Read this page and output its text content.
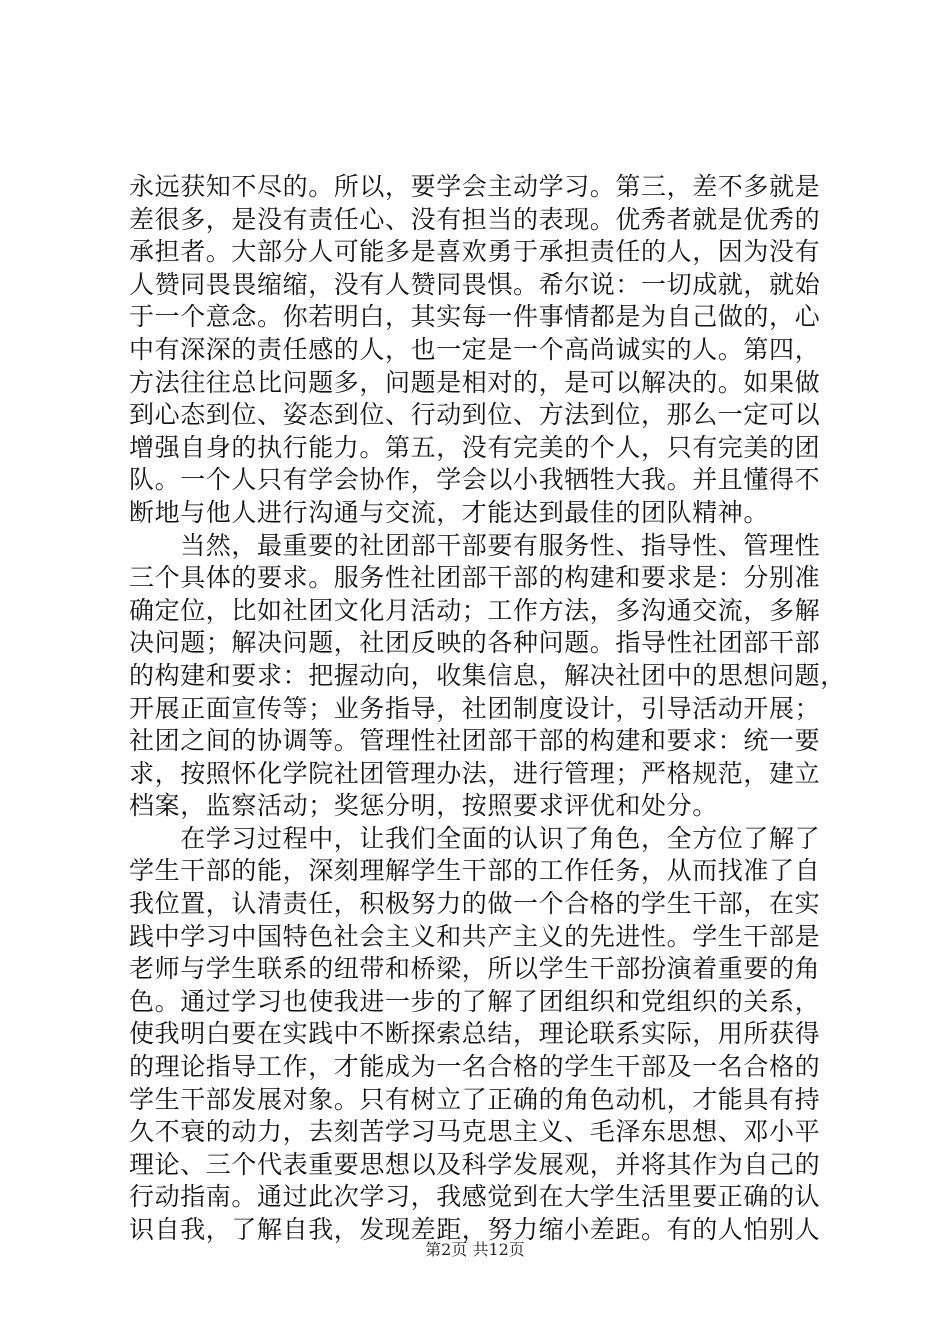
永远获知不尽的。所以，要学会主动学习。第三，差不多就是
差很多，是没有责任心、没有担当的表现。优秀者就是优秀的
承担者。大部分人可能多是喜欢勇于承担责任的人，因为没有
人赞同畏畏缩缩，没有人赞同畏惧。希尔说：一切成就，就始
于一个意念。你若明白，其实每一件事情都是为自己做的，心
中有深深的责任感的人，也一定是一个高尚诚实的人。第四，
方法往往总比问题多，问题是相对的，是可以解决的。如果做
到心态到位、姿态到位、行动到位、方法到位，那么一定可以
增强自身的执行能力。第五，没有完美的个人，只有完美的团
队。一个人只有学会协作，学会以小我牺牲大我。并且懂得不
断地与他人进行沟通与交流，才能达到最佳的团队精神。
　　当然，最重要的社团部干部要有服务性、指导性、管理性
三个具体的要求。服务性社团部干部的构建和要求是：分别准
确定位，比如社团文化月活动；工作方法，多沟通交流，多解
决问题；解决问题，社团反映的各种问题。指导性社团部干部
的构建和要求：把握动向，收集信息，解决社团中的思想问题，
开展正面宣传等；业务指导，社团制度设计，引导活动开展；
社团之间的协调等。管理性社团部干部的构建和要求：统一要
求，按照怀化学院社团管理办法，进行管理；严格规范，建立
档案，监察活动；奖惩分明，按照要求评优和处分。
　　在学习过程中，让我们全面的认识了角色，全方位了解了
学生干部的能，深刻理解学生干部的工作任务，从而找准了自
我位置，认清责任，积极努力的做一个合格的学生干部，在实
践中学习中国特色社会主义和共产主义的先进性。学生干部是
老师与学生联系的纽带和桥梁，所以学生干部扮演着重要的角
色。通过学习也使我进一步的了解了团组织和党组织的关系，
使我明白要在实践中不断探索总结，理论联系实际，用所获得
的理论指导工作，才能成为一名合格的学生干部及一名合格的
学生干部发展对象。只有树立了正确的角色动机，才能具有持
久不衰的动力，去刻苦学习马克思主义、毛泽东思想、邓小平
理论、三个代表重要思想以及科学发展观，并将其作为自己的
行动指南。通过此次学习，我感觉到在大学生活里要正确的认
识自我，了解自我，发现差距，努力缩小差距。有的人怕别人
第2页 共12页
